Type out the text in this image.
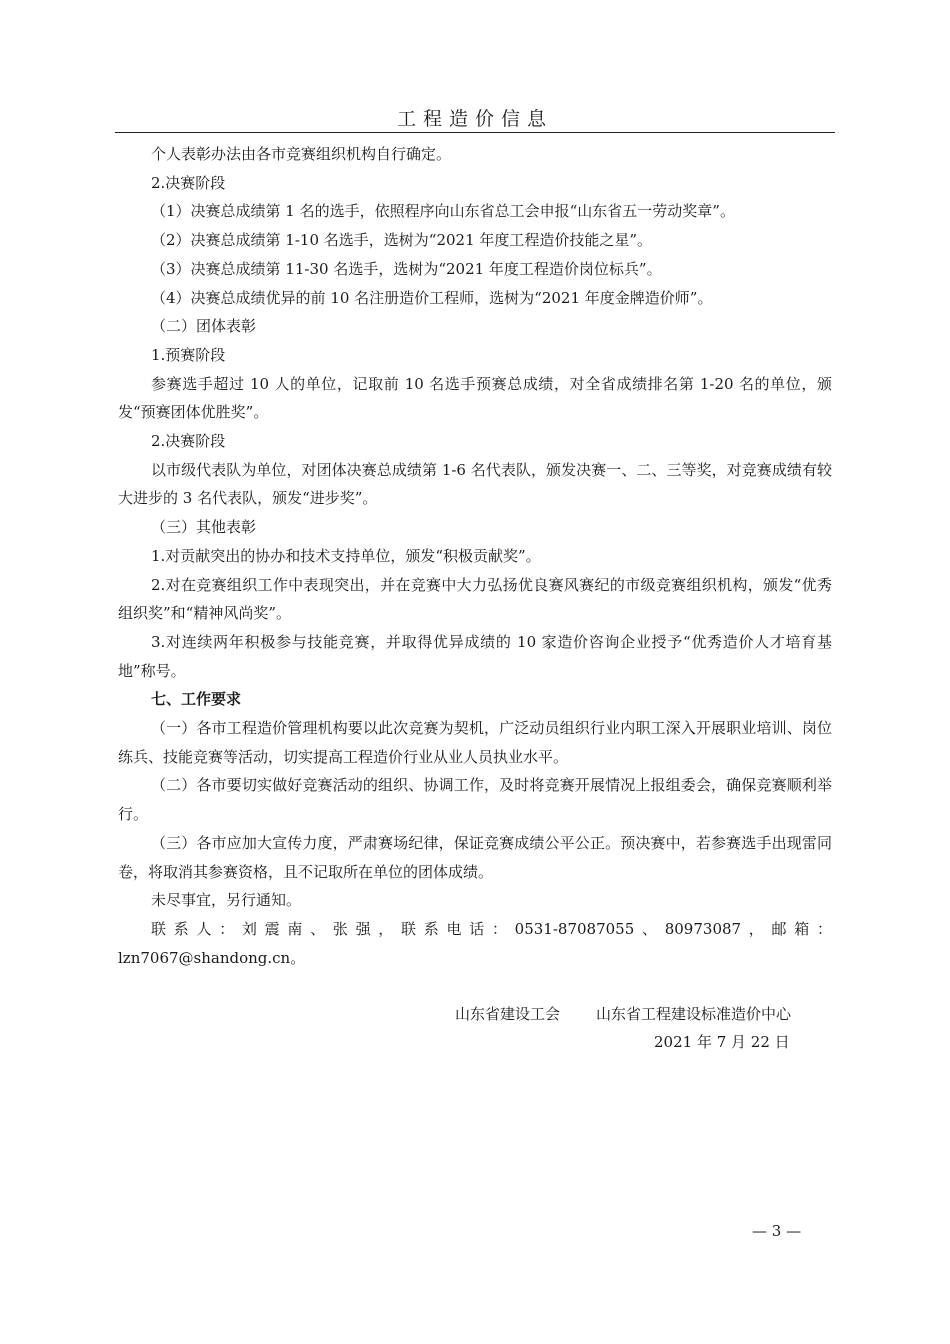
工程造价信息

个人表彰办法由各市竞赛组织机构自行确定。

2.决赛阶段

（1）决赛总成绩第 1 名的选手，依照程序向山东省总工会申报“山东省五一劳动奖章”。

（2）决赛总成绩第 1-10 名选手，选树为“2021 年度工程造价技能之星”。

（3）决赛总成绩第 11-30 名选手，选树为“2021 年度工程造价岗位标兵”。

（4）决赛总成绩优异的前 10 名注册造价工程师，选树为“2021 年度金牌造价师”。

（二）团体表彰

1.预赛阶段

参赛选手超过 10 人的单位，记取前 10 名选手预赛总成绩，对全省成绩排名第 1-20 名的单位，颁发“预赛团体优胜奖”。

2.决赛阶段

以市级代表队为单位，对团体决赛总成绩第 1-6 名代表队，颁发决赛一、二、三等奖，对竞赛成绩有较大进步的 3 名代表队，颁发“进步奖”。

（三）其他表彰

1.对贡献突出的协办和技术支持单位，颁发“积极贡献奖”。

2.对在竞赛组织工作中表现突出，并在竞赛中大力弘扬优良赛风赛纪的市级竞赛组织机构，颁发“优秀组织奖”和“精神风尚奖”。

3.对连续两年积极参与技能竞赛，并取得优异成绩的 10 家造价咨询企业授予“优秀造价人才培育基地”称号。

七、工作要求

（一）各市工程造价管理机构要以此次竞赛为契机，广泛动员组织行业内职工深入开展职业培训、岗位练兵、技能竞赛等活动，切实提高工程造价行业从业人员执业水平。

（二）各市要切实做好竞赛活动的组织、协调工作，及时将竞赛开展情况上报组委会，确保竞赛顺利举行。

（三）各市应加大宣传力度，严肃赛场纪律，保证竞赛成绩公平公正。预决赛中，若参赛选手出现雷同卷，将取消其参赛资格，且不记取所在单位的团体成绩。

未尽事宜，另行通知。

联系人：刘震南、张强，联系电话：0531-87087055、80973087，邮箱：lzn7067@shandong.cn。

山东省建设工会 山东省工程建设标准造价中心
2021 年 7 月 22 日
— 3 —
